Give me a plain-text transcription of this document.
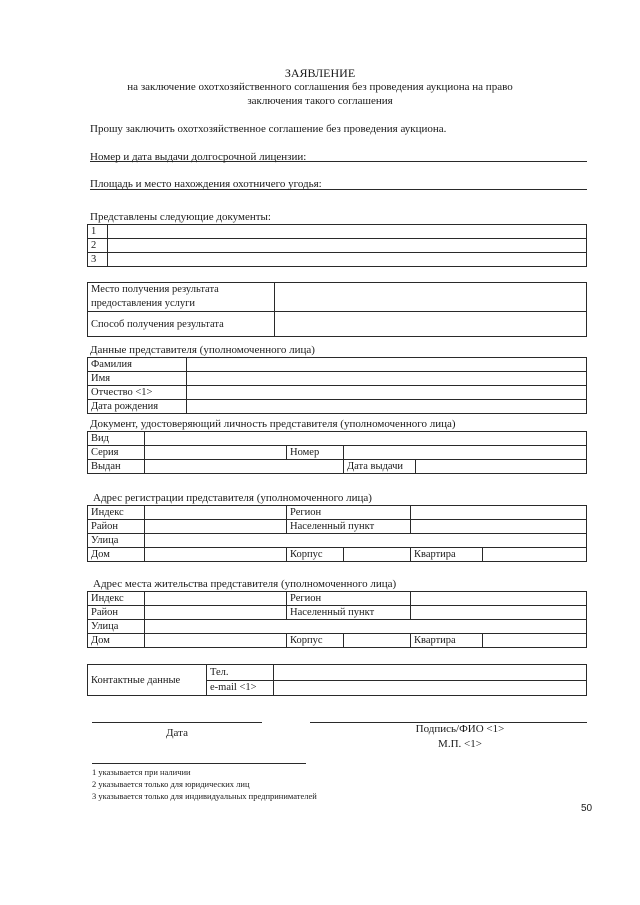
ЗАЯВЛЕНИЕ
на заключение охотхозяйственного соглашения без проведения аукциона на право
заключения такого соглашения
Прошу заключить охотхозяйственное соглашение без проведения аукциона.
Номер и дата выдачи долгосрочной лицензии:
Площадь и место нахождения охотничего угодья:
Представлены следующие документы:
1	
2	
3	
Место получения результата
предоставления услуги	

Способ получения результата	
Данные представителя (уполномоченного лица)
Фамилия	
Имя	
Отчество <1>	
Дата рождения	
Документ, удостоверяющий личность представителя (уполномоченного лица)
Вид				
Серия		Номер		
Выдан			Дата выдачи	
Адрес регистрации представителя (уполномоченного лица)
Индекс		Регион			
Район		Населенный пункт			
Улица					
Дом		Корпус		Квартира	
Адрес места жительства представителя (уполномоченного лица)
Индекс		Регион			
Район		Населенный пункт			
Улица					
Дом		Корпус		Квартира	
Контактные данные	Тел.	
	e-mail <1>	
Дата	Подпись/ФИО <1>
М.П. <1>
1 указывается при наличии
2 указывается только для юридических лиц
3 указывается только для индивидуальных предпринимателей
50
